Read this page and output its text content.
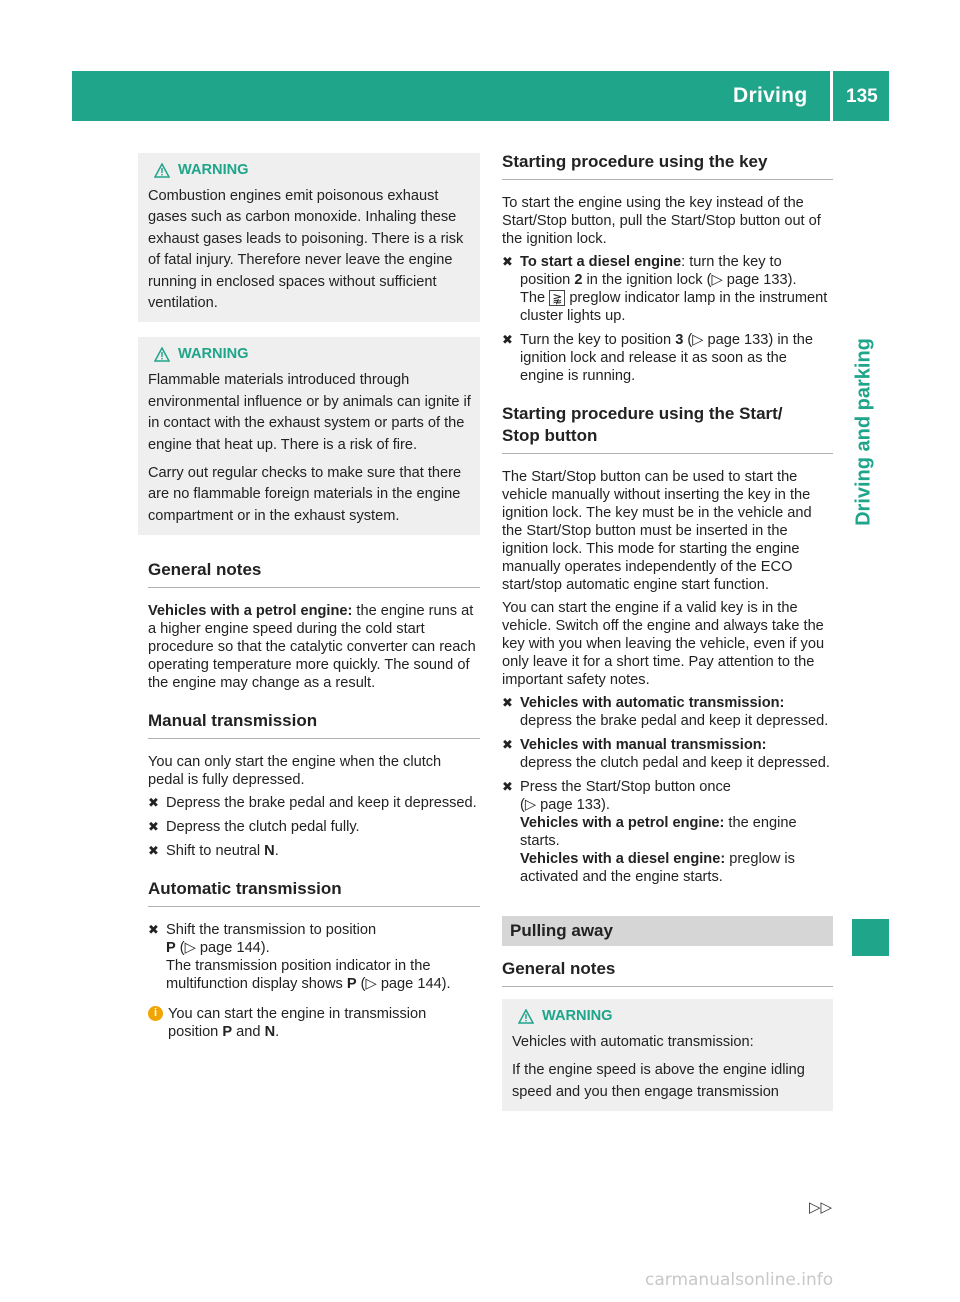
Driving 135
Driving and parking
WARNING

Combustion engines emit poisonous exhaust gases such as carbon monoxide. Inhaling these exhaust gases leads to poisoning. There is a risk of fatal injury. Therefore never leave the engine running in enclosed spaces without sufficient ventilation.

WARNING

Flammable materials introduced through environmental influence or by animals can ignite if in contact with the exhaust system or parts of the engine that heat up. There is a risk of fire.

Carry out regular checks to make sure that there are no flammable foreign materials in the engine compartment or in the exhaust system.

General notes

Vehicles with a petrol engine: the engine runs at a higher engine speed during the cold start procedure so that the catalytic converter can reach operating temperature more quickly. The sound of the engine may change as a result.

Manual transmission

You can only start the engine when the clutch pedal is fully depressed.

✖ Depress the brake pedal and keep it depressed.
✖ Depress the clutch pedal fully.
✖ Shift to neutral N.
Automatic transmission
✖ Shift the transmission to position
P (▷ page 144).
The transmission position indicator in the multifunction display shows P (▷ page 144).
i You can start the engine in transmission position P and N.
Starting procedure using the key

To start the engine using the key instead of the Start/Stop button, pull the Start/Stop button out of the ignition lock.

✖ To start a diesel engine: turn the key to position 2 in the ignition lock (▷ page 133).
The ⪊ preglow indicator lamp in the instrument cluster lights up.
✖ Turn the key to position 3 (▷ page 133) in the ignition lock and release it as soon as the engine is running.
Starting procedure using the Start/
Stop button

The Start/Stop button can be used to start the vehicle manually without inserting the key in the ignition lock. The key must be in the vehicle and the Start/Stop button must be inserted in the ignition lock. This mode for starting the engine manually operates independently of the ECO start/stop automatic engine start function.

You can start the engine if a valid key is in the vehicle. Switch off the engine and always take the key with you when leaving the vehicle, even if you only leave it for a short time. Pay attention to the important safety notes.

✖ Vehicles with automatic transmission:
depress the brake pedal and keep it depressed.
✖ Vehicles with manual transmission:
depress the clutch pedal and keep it depressed.
✖ Press the Start/Stop button once
(▷ page 133).
Vehicles with a petrol engine: the engine starts.
Vehicles with a diesel engine: preglow is activated and the engine starts.
Pulling away
General notes
WARNING

Vehicles with automatic transmission:

If the engine speed is above the engine idling speed and you then engage transmission

▷▷
carmanualsonline.info
